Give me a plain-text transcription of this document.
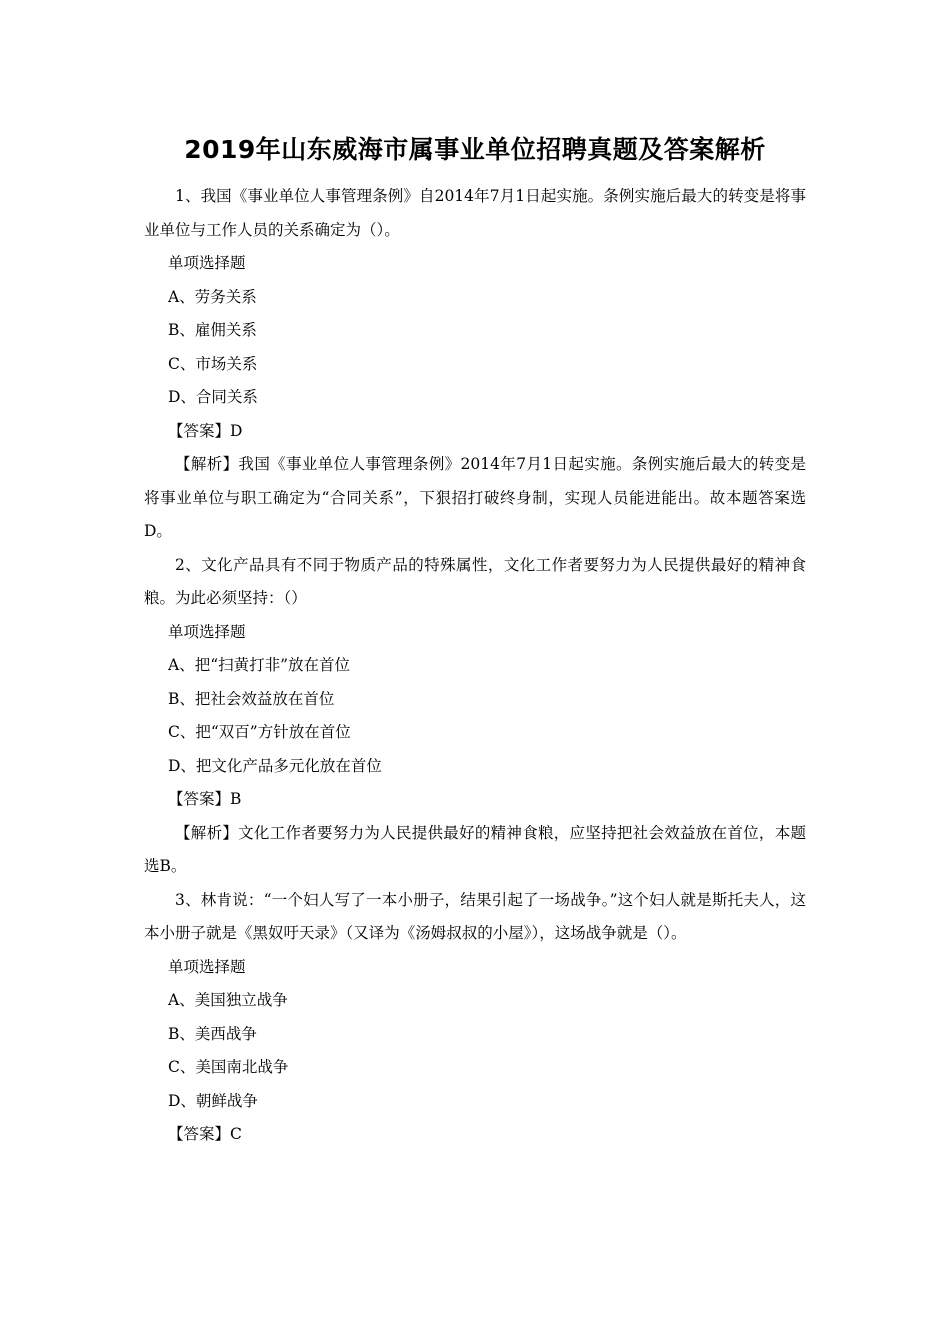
2019年山东威海市属事业单位招聘真题及答案解析

1、我国《事业单位人事管理条例》自2014年7月1日起实施。条例实施后最大的转变是将事业单位与工作人员的关系确定为（）。

单项选择题

A、劳务关系

B、雇佣关系

C、市场关系

D、合同关系

【答案】D

【解析】我国《事业单位人事管理条例》2014年7月1日起实施。条例实施后最大的转变是将事业单位与职工确定为“合同关系”，下狠招打破终身制，实现人员能进能出。故本题答案选D。

2、文化产品具有不同于物质产品的特殊属性，文化工作者要努力为人民提供最好的精神食粮。为此必须坚持：（）

单项选择题

A、把“扫黄打非”放在首位

B、把社会效益放在首位

C、把“双百”方针放在首位

D、把文化产品多元化放在首位

【答案】B

【解析】文化工作者要努力为人民提供最好的精神食粮，应坚持把社会效益放在首位，本题选B。

3、林肯说：“一个妇人写了一本小册子，结果引起了一场战争。”这个妇人就是斯托夫人，这本小册子就是《黑奴吁天录》（又译为《汤姆叔叔的小屋》），这场战争就是（）。

单项选择题

A、美国独立战争

B、美西战争

C、美国南北战争

D、朝鲜战争

【答案】C
